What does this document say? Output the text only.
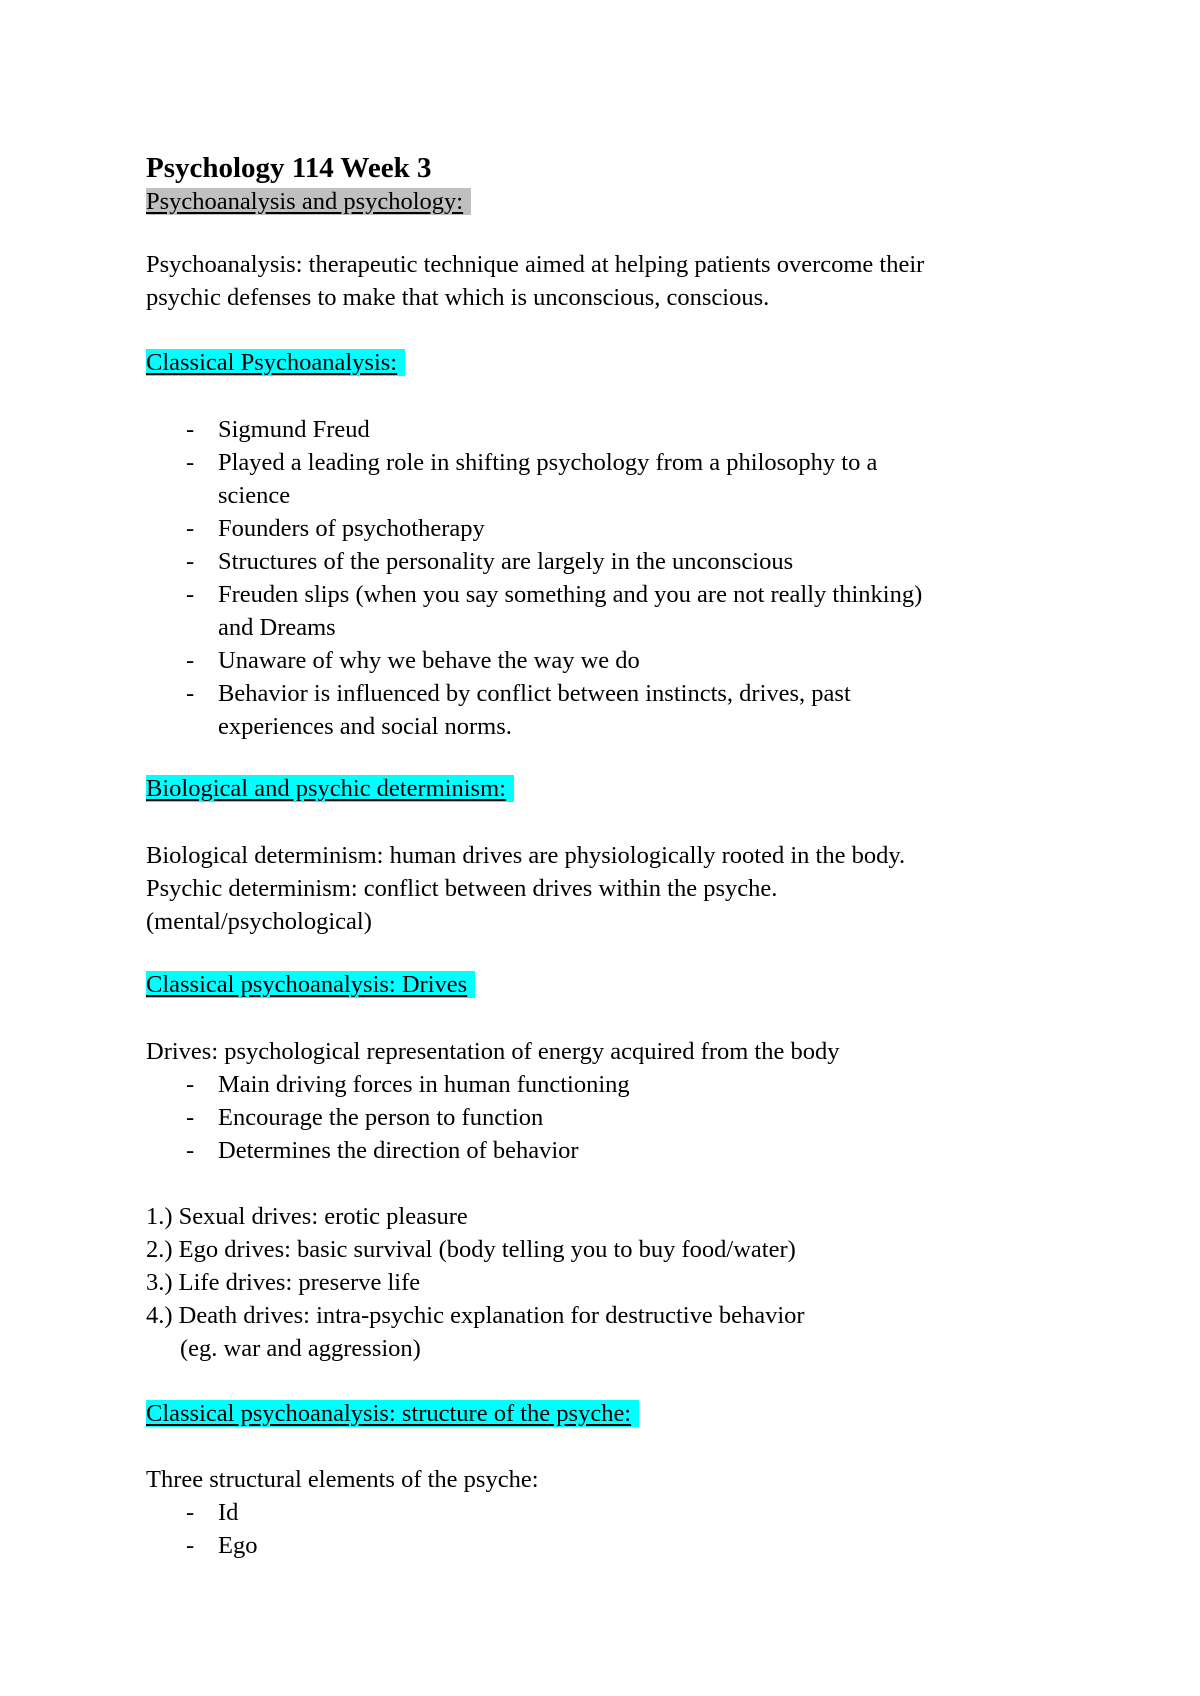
Psychology 114 Week 3
Psychoanalysis and psychology:
Psychoanalysis: therapeutic technique aimed at helping patients overcome their
psychic defenses to make that which is unconscious, conscious.
Classical Psychoanalysis:
- Sigmund Freud
- Played a leading role in shifting psychology from a philosophy to a
science
- Founders of psychotherapy
- Structures of the personality are largely in the unconscious
- Freuden slips (when you say something and you are not really thinking)
and Dreams
- Unaware of why we behave the way we do
- Behavior is influenced by conflict between instincts, drives, past
experiences and social norms.
Biological and psychic determinism:
Biological determinism: human drives are physiologically rooted in the body.
Psychic determinism: conflict between drives within the psyche.
(mental/psychological)
Classical psychoanalysis: Drives
Drives: psychological representation of energy acquired from the body
- Main driving forces in human functioning
- Encourage the person to function
- Determines the direction of behavior
1.) Sexual drives: erotic pleasure
2.) Ego drives: basic survival (body telling you to buy food/water)
3.) Life drives: preserve life
4.) Death drives: intra-psychic explanation for destructive behavior
(eg. war and aggression)
Classical psychoanalysis: structure of the psyche:
Three structural elements of the psyche:
- Id
- Ego
